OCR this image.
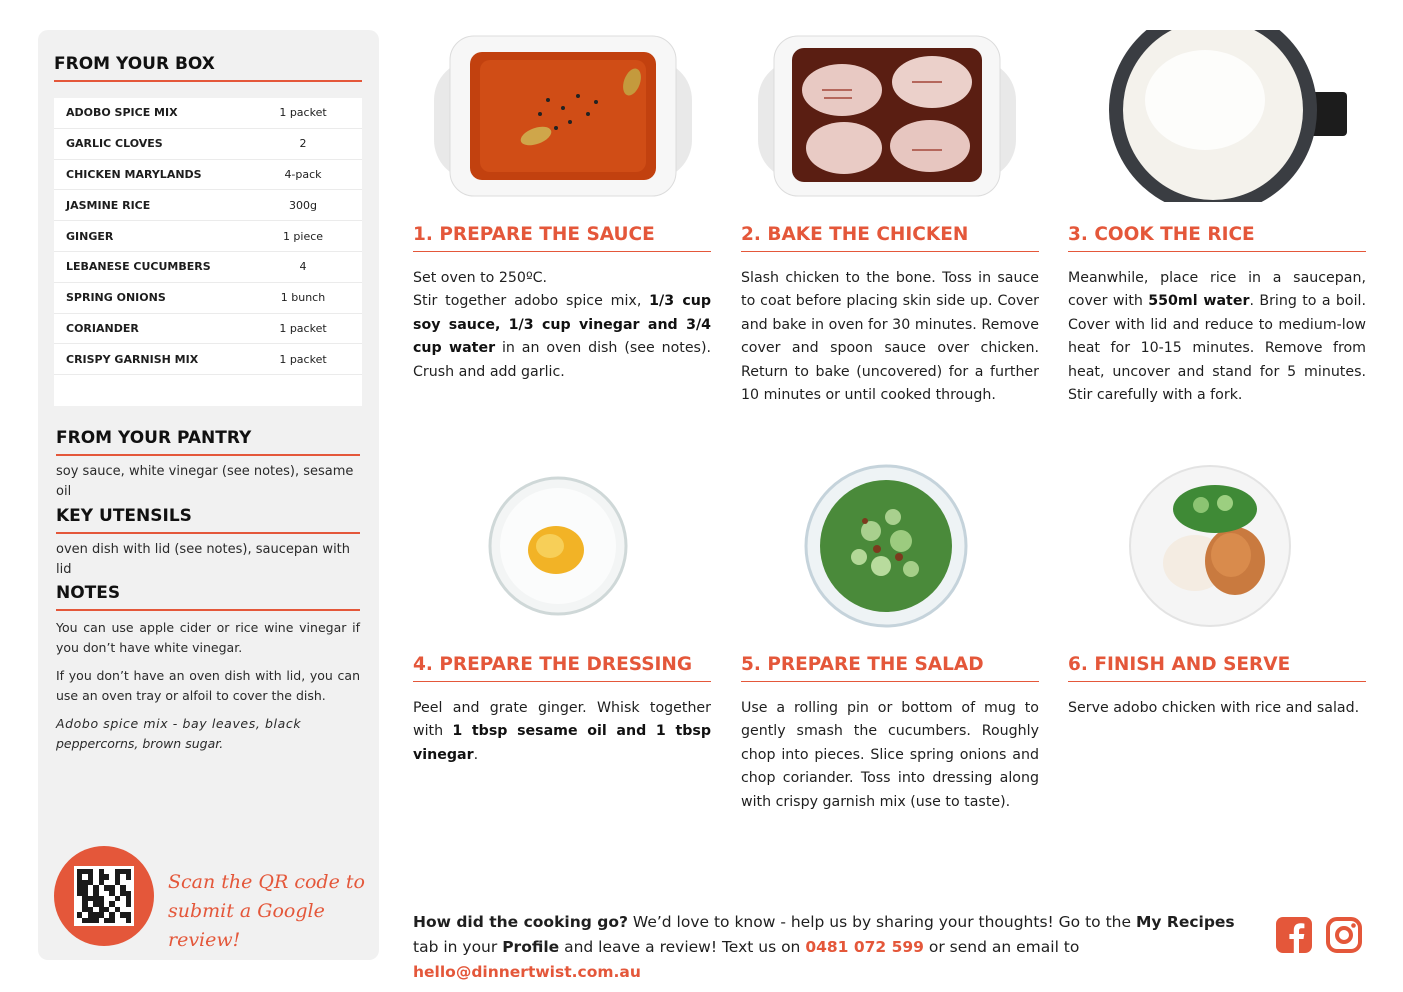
FROM YOUR BOX
ADOBO SPICE MIX	1 packet
GARLIC CLOVES	2
CHICKEN MARYLANDS	4-pack
JASMINE RICE	300g
GINGER	1 piece
LEBANESE CUCUMBERS	4
SPRING ONIONS	1 bunch
CORIANDER	1 packet
CRISPY GARNISH MIX	1 packet
FROM YOUR PANTRY
soy sauce, white vinegar (see notes), sesame oil
KEY UTENSILS
oven dish with lid (see notes), saucepan with lid
NOTES

You can use apple cider or rice wine vinegar if you don’t have white vinegar.

If you don’t have an oven dish with lid, you can use an oven tray or alfoil to cover the dish.

Adobo spice mix - bay leaves, black
peppercorns, brown sugar.

Scan the QR code to
submit a Google review!
1. PREPARE THE SAUCE
Set oven to 250ºC.
Stir together adobo spice mix, 1/3 cup soy sauce, 1/3 cup vinegar and 3/4 cup water in an oven dish (see notes). Crush and add garlic.
2. BAKE THE CHICKEN
Slash chicken to the bone. Toss in sauce to coat before placing skin side up. Cover and bake in oven for 30 minutes. Remove cover and spoon sauce over chicken. Return to bake (uncovered) for a further 10 minutes or until cooked through.
3. COOK THE RICE
Meanwhile, place rice in a saucepan, cover with 550ml water. Bring to a boil. Cover with lid and reduce to medium-low heat for 10-15 minutes. Remove from heat, uncover and stand for 5 minutes. Stir carefully with a fork.
4. PREPARE THE DRESSING
Peel and grate ginger. Whisk together with 1 tbsp sesame oil and 1 tbsp vinegar.
5. PREPARE THE SALAD
Use a rolling pin or bottom of mug to gently smash the cucumbers. Roughly chop into pieces. Slice spring onions and chop coriander. Toss into dressing along with crispy garnish mix (use to taste).
6. FINISH AND SERVE
Serve adobo chicken with rice and salad.
How did the cooking go? We’d love to know - help us by sharing your thoughts! Go to the My Recipes tab in your Profile and leave a review! Text us on 0481 072 599 or send an email to hello@dinnertwist.com.au
